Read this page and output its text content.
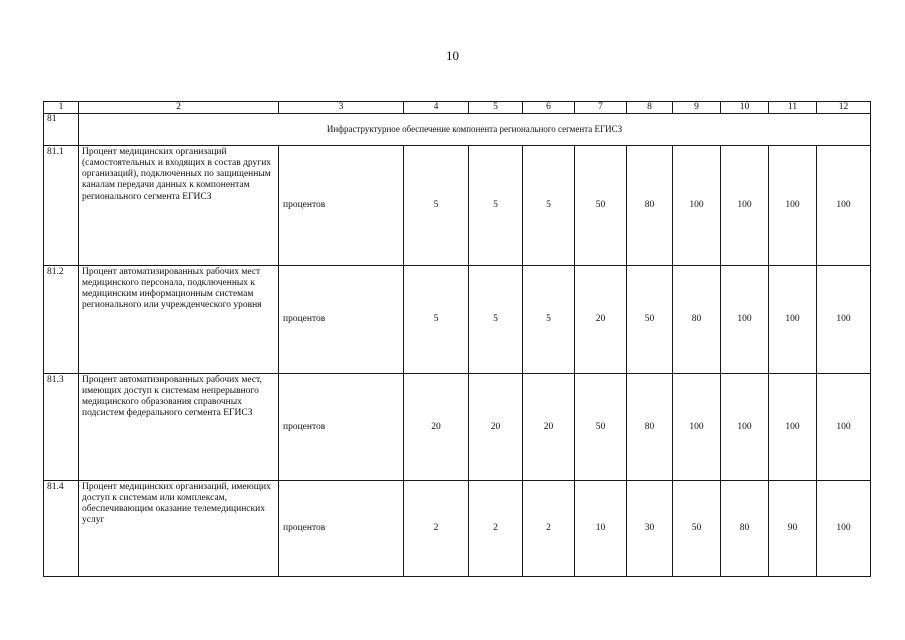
10
1	2	3	4	5	6	7	8	9	10	11	12
81	Инфраструктурное обеспечение компонента регионального сегмента ЕГИСЗ										
81.1	Процент медицинских организаций (самостоятельных и входящих в состав других организаций), подключенных по защищенным каналам передачи данных к компонентам регионального сегмента ЕГИСЗ	процентов	5	5	5	50	80	100	100	100	100
81.2	Процент автоматизированных рабочих мест медицинского персонала, подключенных к медицинским информационным системам регионального или учрежденческого уровня	процентов	5	5	5	20	50	80	100	100	100
81.3	Процент автоматизированных рабочих мест, имеющих доступ к системам непрерывного медицинского образования справочных подсистем федерального сегмента ЕГИСЗ	процентов	20	20	20	50	80	100	100	100	100
81.4	Процент медицинских организаций, имеющих доступ к системам или комплексам, обеспечивающим оказание телемедицинских услуг	процентов	2	2	2	10	30	50	80	90	100
